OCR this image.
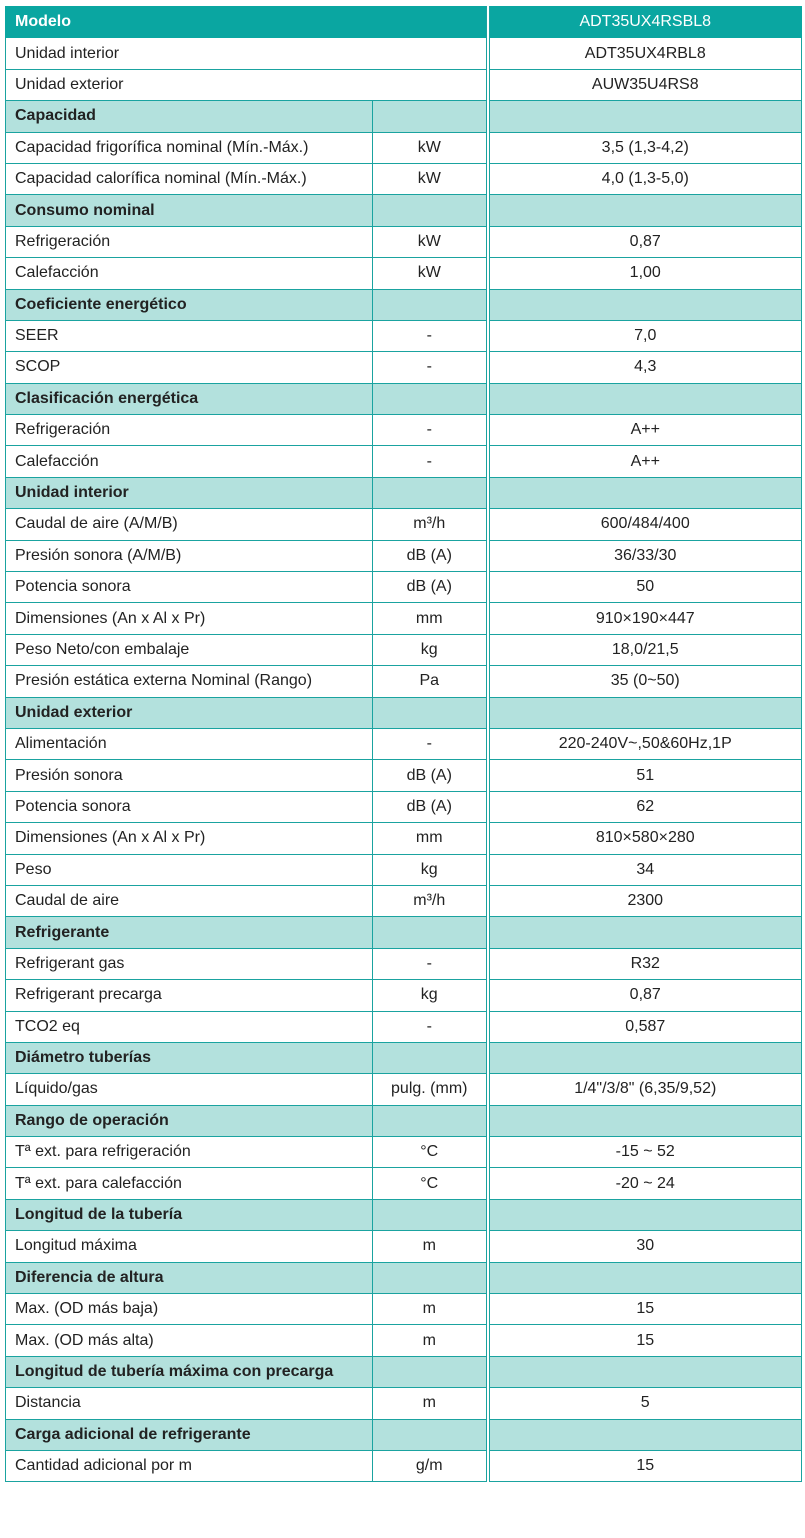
Modelo		ADT35UX4RSBL8
Unidad interior		ADT35UX4RBL8
Unidad exterior		AUW35U4RS8
Capacidad		
Capacidad frigorífica nominal (Mín.-Máx.)	kW	3,5 (1,3-4,2)
Capacidad calorífica nominal (Mín.-Máx.)	kW	4,0 (1,3-5,0)
Consumo nominal		
Refrigeración	kW	0,87
Calefacción	kW	1,00
Coeficiente energético		
SEER	-	7,0
SCOP	-	4,3
Clasificación energética		
Refrigeración	-	A++
Calefacción	-	A++
Unidad interior		
Caudal de aire (A/M/B)	m³/h	600/484/400
Presión sonora (A/M/B)	dB (A)	36/33/30
Potencia sonora	dB (A)	50
Dimensiones (An x Al x Pr)	mm	910×190×447
Peso Neto/con embalaje	kg	18,0/21,5
Presión estática externa Nominal (Rango)	Pa	35 (0~50)
Unidad exterior		
Alimentación	-	220-240V~,50&60Hz,1P
Presión sonora	dB (A)	51
Potencia sonora	dB (A)	62
Dimensiones (An x Al x Pr)	mm	810×580×280
Peso	kg	34
Caudal de aire	m³/h	2300
Refrigerante		
Refrigerant gas	-	R32
Refrigerant precarga	kg	0,87
TCO2 eq	-	0,587
Diámetro tuberías		
Líquido/gas	pulg. (mm)	1/4"/3/8" (6,35/9,52)
Rango de operación		
Tª ext. para refrigeración	°C	-15 ~ 52
Tª ext. para calefacción	°C	-20 ~ 24
Longitud de la tubería		
Longitud máxima	m	30
Diferencia de altura		
Max. (OD más baja)	m	15
Max. (OD más alta)	m	15
Longitud de tubería máxima con precarga		
Distancia	m	5
Carga adicional de refrigerante		
Cantidad adicional por m	g/m	15
